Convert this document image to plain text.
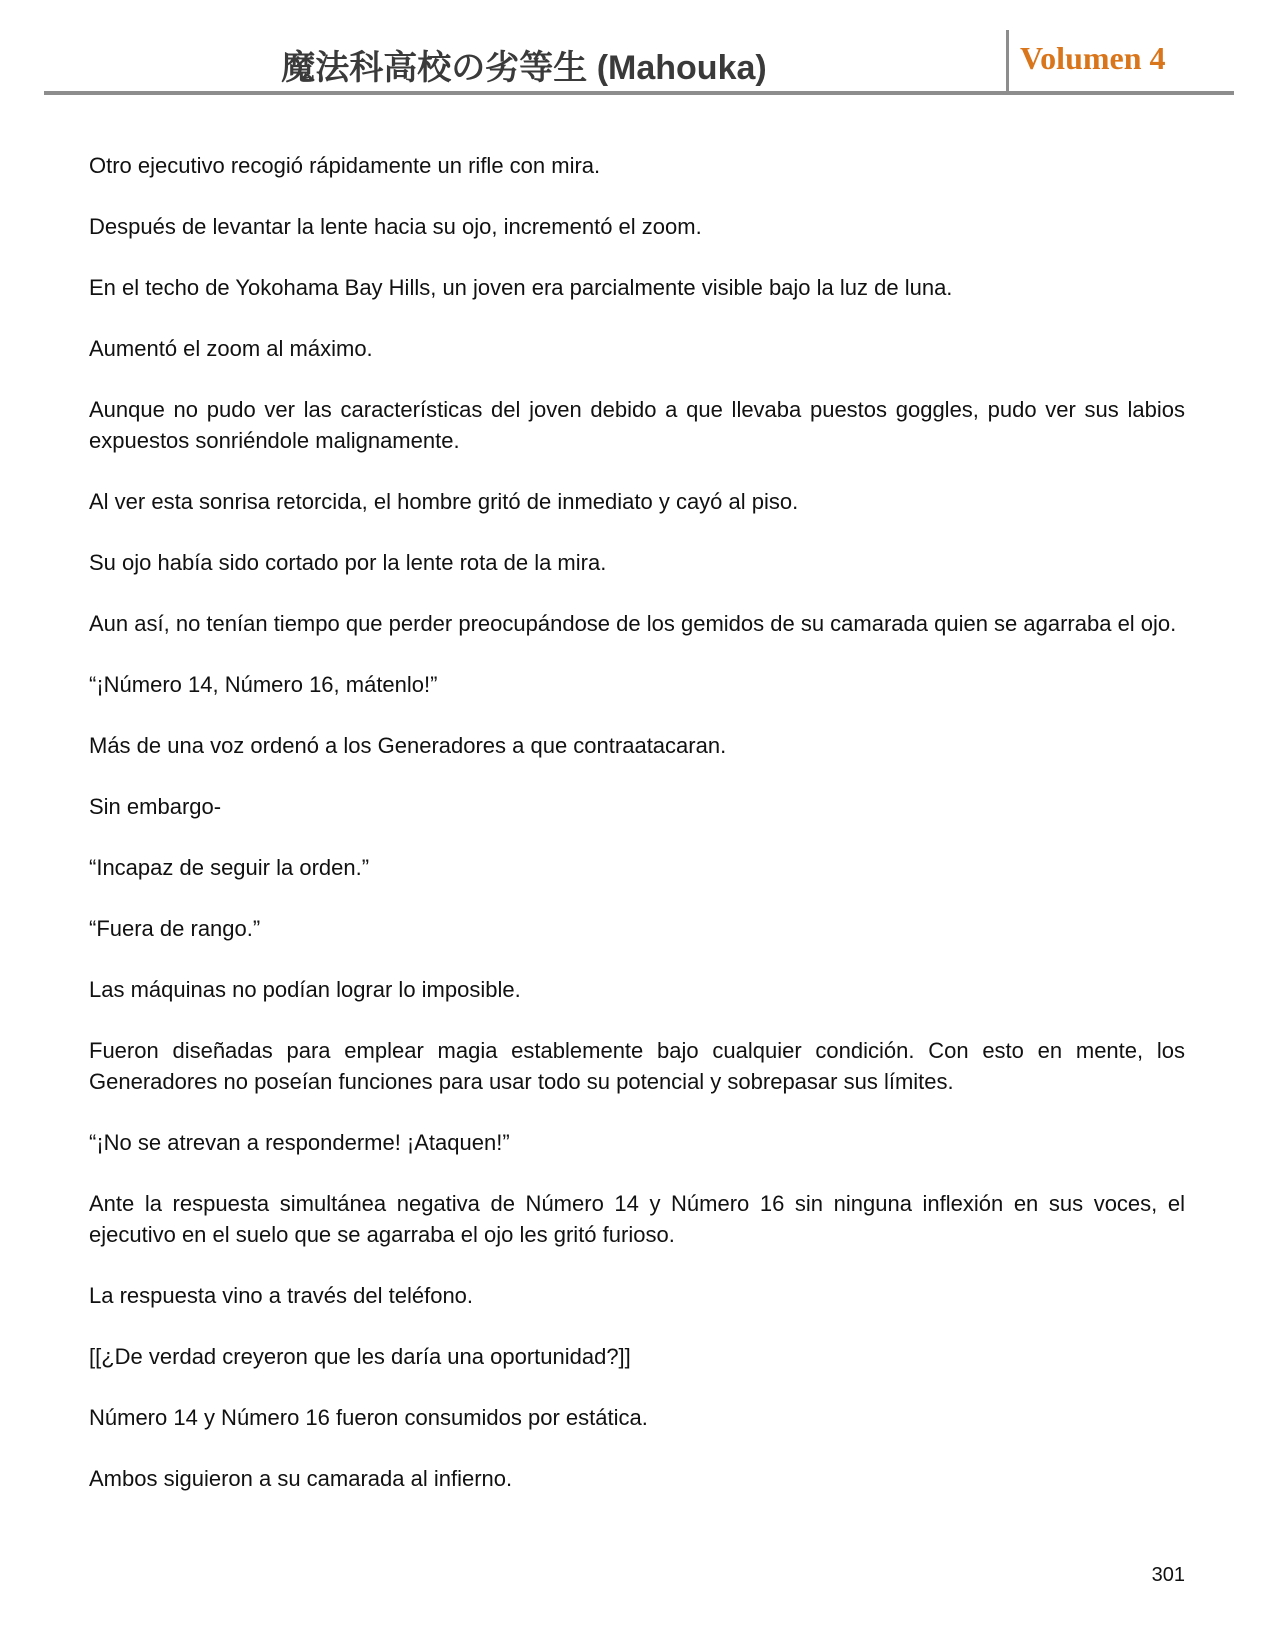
魔法科高校の劣等生 (Mahouka)	Volumen 4

Otro ejecutivo recogió rápidamente un rifle con mira.

Después de levantar la lente hacia su ojo, incrementó el zoom.

En el techo de Yokohama Bay Hills, un joven era parcialmente visible bajo la luz de luna.

Aumentó el zoom al máximo.

Aunque no pudo ver las características del joven debido a que llevaba puestos goggles, pudo ver sus labios expuestos sonriéndole malignamente.

Al ver esta sonrisa retorcida, el hombre gritó de inmediato y cayó al piso.

Su ojo había sido cortado por la lente rota de la mira.

Aun así, no tenían tiempo que perder preocupándose de los gemidos de su camarada quien se agarraba el ojo.

“¡Número 14, Número 16, mátenlo!”

Más de una voz ordenó a los Generadores a que contraatacaran.

Sin embargo-

“Incapaz de seguir la orden.”

“Fuera de rango.”

Las máquinas no podían lograr lo imposible.

Fueron diseñadas para emplear magia establemente bajo cualquier condición. Con esto en mente, los Generadores no poseían funciones para usar todo su potencial y sobrepasar sus límites.

“¡No se atrevan a responderme! ¡Ataquen!”

Ante la respuesta simultánea negativa de Número 14 y Número 16 sin ninguna inflexión en sus voces, el ejecutivo en el suelo que se agarraba el ojo les gritó furioso.

La respuesta vino a través del teléfono.

[[¿De verdad creyeron que les daría una oportunidad?]]

Número 14 y Número 16 fueron consumidos por estática.

Ambos siguieron a su camarada al infierno.

301
